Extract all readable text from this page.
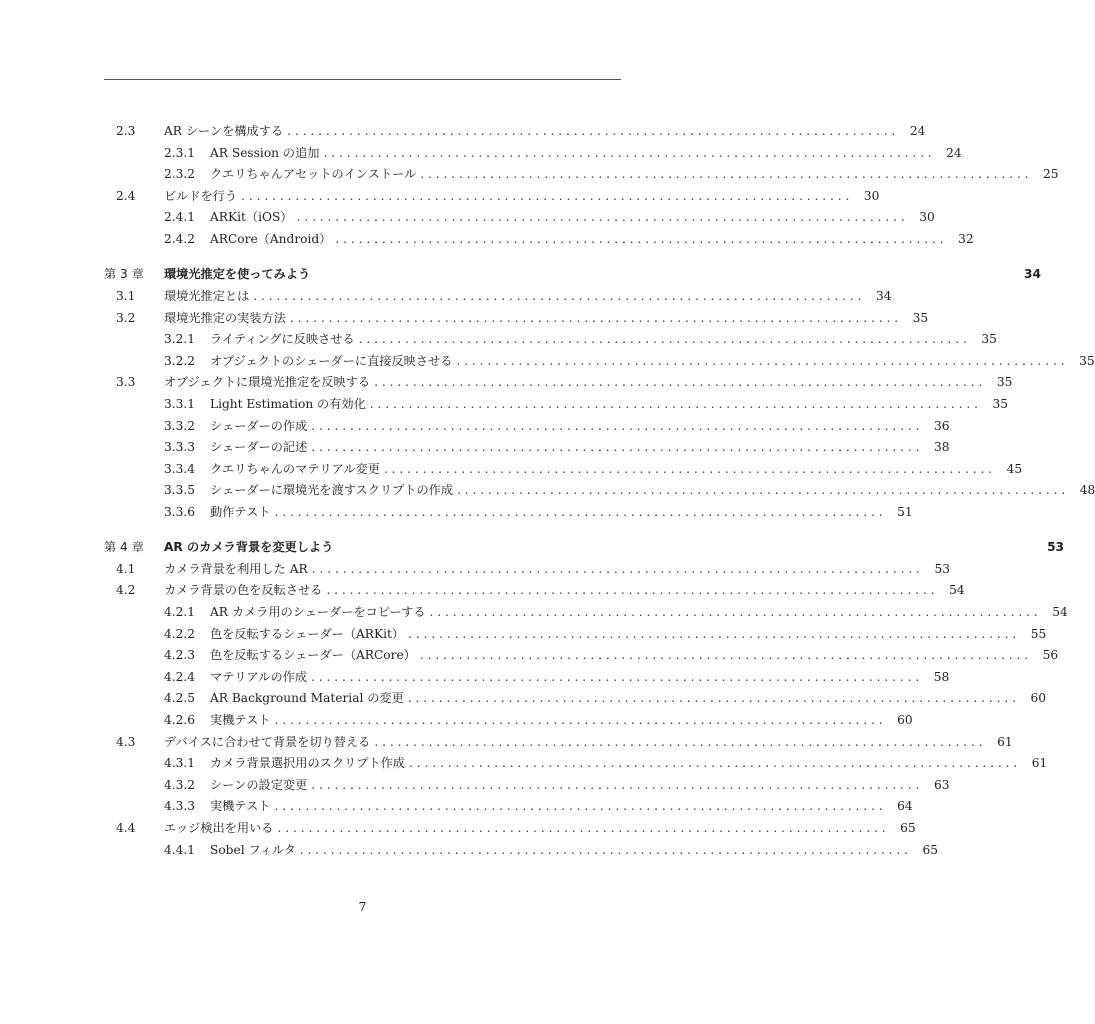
2.3	AR シーンを構成する . . . . . . . . . . . . . . . . . . . . . . . . . . . . . . . . . . . . . . . . . . . . . . . . . . . . . . . . . . . . . . . . . . . . . . . . . . . . . . .	24
2.3.1	AR Session の追加 . . . . . . . . . . . . . . . . . . . . . . . . . . . . . . . . . . . . . . . . . . . . . . . . . . . . . . . . . . . . . . . . . . . . . . . . . . . . . . .	24
2.3.2	クエリちゃんアセットのインストール . . . . . . . . . . . . . . . . . . . . . . . . . . . . . . . . . . . . . . . . . . . . . . . . . . . . . . . . . . . . . . . . . . . . . . . . . . . . . . .	25
2.4	ビルドを行う . . . . . . . . . . . . . . . . . . . . . . . . . . . . . . . . . . . . . . . . . . . . . . . . . . . . . . . . . . . . . . . . . . . . . . . . . . . . . . .	30
2.4.1	ARKit（iOS） . . . . . . . . . . . . . . . . . . . . . . . . . . . . . . . . . . . . . . . . . . . . . . . . . . . . . . . . . . . . . . . . . . . . . . . . . . . . . . .	30
2.4.2	ARCore（Android） . . . . . . . . . . . . . . . . . . . . . . . . . . . . . . . . . . . . . . . . . . . . . . . . . . . . . . . . . . . . . . . . . . . . . . . . . . . . . . .	32
第 3 章	環境光推定を使ってみよう	34
3.1	環境光推定とは . . . . . . . . . . . . . . . . . . . . . . . . . . . . . . . . . . . . . . . . . . . . . . . . . . . . . . . . . . . . . . . . . . . . . . . . . . . . . . .	34
3.2	環境光推定の実装方法 . . . . . . . . . . . . . . . . . . . . . . . . . . . . . . . . . . . . . . . . . . . . . . . . . . . . . . . . . . . . . . . . . . . . . . . . . . . . . . .	35
3.2.1	ライティングに反映させる . . . . . . . . . . . . . . . . . . . . . . . . . . . . . . . . . . . . . . . . . . . . . . . . . . . . . . . . . . . . . . . . . . . . . . . . . . . . . . .	35
3.2.2	オブジェクトのシェーダーに直接反映させる . . . . . . . . . . . . . . . . . . . . . . . . . . . . . . . . . . . . . . . . . . . . . . . . . . . . . . . . . . . . . . . . . . . . . . . . . . . . . . .	35
3.3	オブジェクトに環境光推定を反映する . . . . . . . . . . . . . . . . . . . . . . . . . . . . . . . . . . . . . . . . . . . . . . . . . . . . . . . . . . . . . . . . . . . . . . . . . . . . . . .	35
3.3.1	Light Estimation の有効化 . . . . . . . . . . . . . . . . . . . . . . . . . . . . . . . . . . . . . . . . . . . . . . . . . . . . . . . . . . . . . . . . . . . . . . . . . . . . . . .	35
3.3.2	シェーダーの作成 . . . . . . . . . . . . . . . . . . . . . . . . . . . . . . . . . . . . . . . . . . . . . . . . . . . . . . . . . . . . . . . . . . . . . . . . . . . . . . .	36
3.3.3	シェーダーの記述 . . . . . . . . . . . . . . . . . . . . . . . . . . . . . . . . . . . . . . . . . . . . . . . . . . . . . . . . . . . . . . . . . . . . . . . . . . . . . . .	38
3.3.4	クエリちゃんのマテリアル変更 . . . . . . . . . . . . . . . . . . . . . . . . . . . . . . . . . . . . . . . . . . . . . . . . . . . . . . . . . . . . . . . . . . . . . . . . . . . . . . .	45
3.3.5	シェーダーに環境光を渡すスクリプトの作成 . . . . . . . . . . . . . . . . . . . . . . . . . . . . . . . . . . . . . . . . . . . . . . . . . . . . . . . . . . . . . . . . . . . . . . . . . . . . . . .	48
3.3.6	動作テスト . . . . . . . . . . . . . . . . . . . . . . . . . . . . . . . . . . . . . . . . . . . . . . . . . . . . . . . . . . . . . . . . . . . . . . . . . . . . . . .	51
第 4 章	AR のカメラ背景を変更しよう	53
4.1	カメラ背景を利用した AR . . . . . . . . . . . . . . . . . . . . . . . . . . . . . . . . . . . . . . . . . . . . . . . . . . . . . . . . . . . . . . . . . . . . . . . . . . . . . . .	53
4.2	カメラ背景の色を反転させる . . . . . . . . . . . . . . . . . . . . . . . . . . . . . . . . . . . . . . . . . . . . . . . . . . . . . . . . . . . . . . . . . . . . . . . . . . . . . . .	54
4.2.1	AR カメラ用のシェーダーをコピーする . . . . . . . . . . . . . . . . . . . . . . . . . . . . . . . . . . . . . . . . . . . . . . . . . . . . . . . . . . . . . . . . . . . . . . . . . . . . . . .	54
4.2.2	色を反転するシェーダー（ARKit） . . . . . . . . . . . . . . . . . . . . . . . . . . . . . . . . . . . . . . . . . . . . . . . . . . . . . . . . . . . . . . . . . . . . . . . . . . . . . . .	55
4.2.3	色を反転するシェーダー（ARCore） . . . . . . . . . . . . . . . . . . . . . . . . . . . . . . . . . . . . . . . . . . . . . . . . . . . . . . . . . . . . . . . . . . . . . . . . . . . . . . .	56
4.2.4	マテリアルの作成 . . . . . . . . . . . . . . . . . . . . . . . . . . . . . . . . . . . . . . . . . . . . . . . . . . . . . . . . . . . . . . . . . . . . . . . . . . . . . . .	58
4.2.5	AR Background Material の変更 . . . . . . . . . . . . . . . . . . . . . . . . . . . . . . . . . . . . . . . . . . . . . . . . . . . . . . . . . . . . . . . . . . . . . . . . . . . . . . .	60
4.2.6	実機テスト . . . . . . . . . . . . . . . . . . . . . . . . . . . . . . . . . . . . . . . . . . . . . . . . . . . . . . . . . . . . . . . . . . . . . . . . . . . . . . .	60
4.3	デバイスに合わせて背景を切り替える . . . . . . . . . . . . . . . . . . . . . . . . . . . . . . . . . . . . . . . . . . . . . . . . . . . . . . . . . . . . . . . . . . . . . . . . . . . . . . .	61
4.3.1	カメラ背景選択用のスクリプト作成 . . . . . . . . . . . . . . . . . . . . . . . . . . . . . . . . . . . . . . . . . . . . . . . . . . . . . . . . . . . . . . . . . . . . . . . . . . . . . . .	61
4.3.2	シーンの設定変更 . . . . . . . . . . . . . . . . . . . . . . . . . . . . . . . . . . . . . . . . . . . . . . . . . . . . . . . . . . . . . . . . . . . . . . . . . . . . . . .	63
4.3.3	実機テスト . . . . . . . . . . . . . . . . . . . . . . . . . . . . . . . . . . . . . . . . . . . . . . . . . . . . . . . . . . . . . . . . . . . . . . . . . . . . . . .	64
4.4	エッジ検出を用いる . . . . . . . . . . . . . . . . . . . . . . . . . . . . . . . . . . . . . . . . . . . . . . . . . . . . . . . . . . . . . . . . . . . . . . . . . . . . . . .	65
4.4.1	Sobel フィルタ . . . . . . . . . . . . . . . . . . . . . . . . . . . . . . . . . . . . . . . . . . . . . . . . . . . . . . . . . . . . . . . . . . . . . . . . . . . . . . .	65
7
